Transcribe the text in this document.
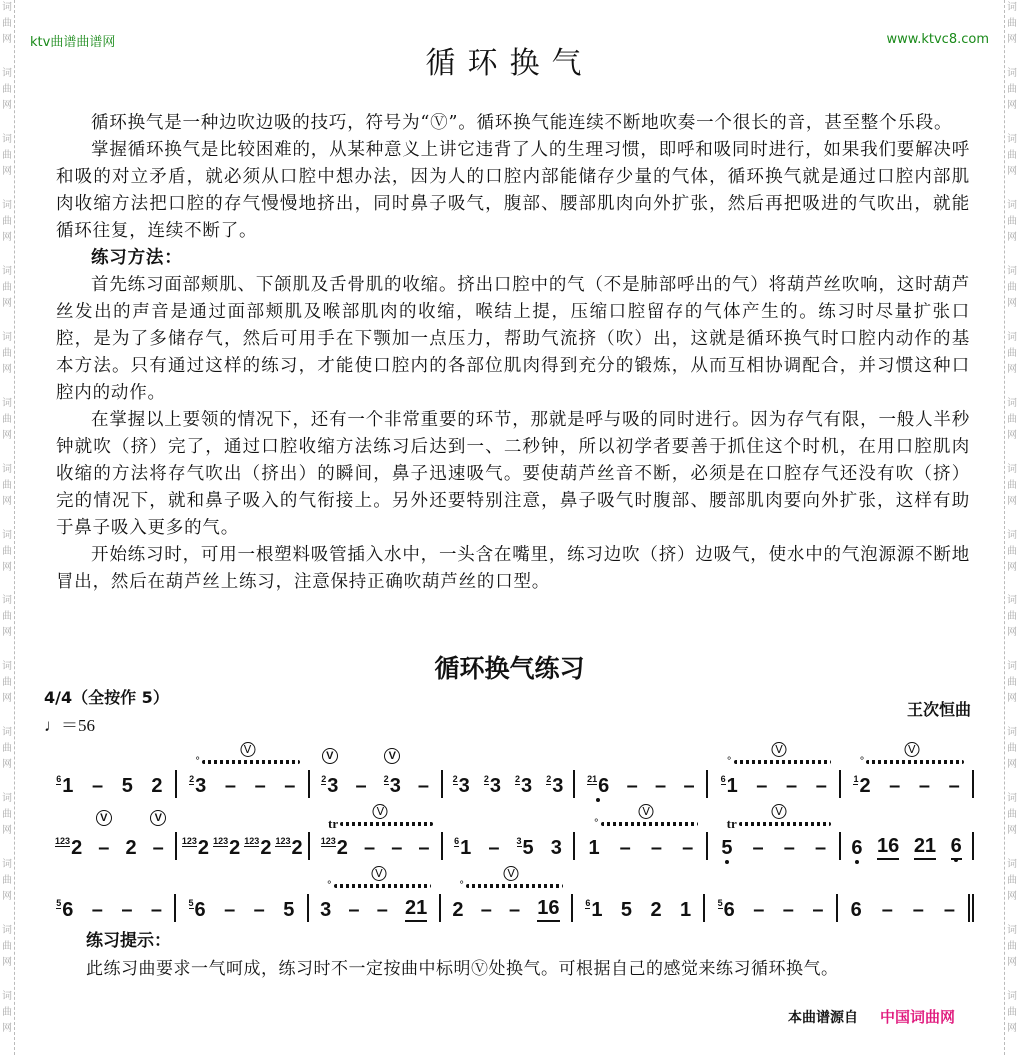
词
曲
网
词
曲
网
词
曲
网
词
曲
网
词
曲
网
词
曲
网
词
曲
网
词
曲
网
词
曲
网
词
曲
网
词
曲
网
词
曲
网
词
曲
网
词
曲
网
词
曲
网
词
曲
网
词
曲
网
词
曲
网
词
曲
网
词
曲
网
词
曲
网
词
曲
网
词
曲
网
词
曲
网
词
曲
网
词
曲
网
词
曲
网
词
曲
网
词
曲
网
词
曲
网
词
曲
网
词
曲
网
ktv曲谱曲谱网	www.ktvc8.com
循环换气

循环换气是一种边吹边吸的技巧，符号为“Ⓥ”。循环换气能连续不断地吹奏一个很长的音，甚至整个乐段。

掌握循环换气是比较困难的，从某种意义上讲它违背了人的生理习惯，即呼和吸同时进行，如果我们要解决呼和吸的对立矛盾，就必须从口腔中想办法，因为人的口腔内部能储存少量的气体，循环换气就是通过口腔内部肌肉收缩方法把口腔的存气慢慢地挤出，同时鼻子吸气，腹部、腰部肌肉向外扩张，然后再把吸进的气吹出，就能循环往复，连续不断了。

练习方法：

首先练习面部颊肌、下颌肌及舌骨肌的收缩。挤出口腔中的气（不是肺部呼出的气）将葫芦丝吹响，这时葫芦丝发出的声音是通过面部颊肌及喉部肌肉的收缩，喉结上提，压缩口腔留存的气体产生的。练习时尽量扩张口腔，是为了多储存气，然后可用手在下颚加一点压力，帮助气流挤（吹）出，这就是循环换气时口腔内动作的基本方法。只有通过这样的练习，才能使口腔内的各部位肌肉得到充分的锻炼，从而互相协调配合，并习惯这种口腔内的动作。

在掌握以上要领的情况下，还有一个非常重要的环节，那就是呼与吸的同时进行。因为存气有限，一般人半秒钟就吹（挤）完了，通过口腔收缩方法练习后达到一、二秒钟，所以初学者要善于抓住这个时机，在用口腔肌肉收缩的方法将存气吹出（挤出）的瞬间，鼻子迅速吸气。要使葫芦丝音不断，必须是在口腔存气还没有吹（挤）完的情况下，就和鼻子吸入的气衔接上。另外还要特别注意，鼻子吸气时腹部、腰部肌肉要向外扩张，这样有助于鼻子吸入更多的气。

开始练习时，可用一根塑料吸管插入水中，一头含在嘴里，练习边吹（挤）边吸气，使水中的气泡源源不断地冒出，然后在葫芦丝上练习，注意保持正确吹葫芦丝的口型。

循环换气练习
4/4（全按作 5）
♩＝56
王次恒曲
61 – 5 2
V
°
23 – – –	23
V
– 23
V
–	23 23 23 23	216 – – –
V
°
61 – – –
V
°
12 – – –
1232 –
V
2 –
V
1232 1232 1232 1232
V
tr
1232 – – –	61 – 35 3
V
°
1 – – –
V
tr
5 – – – 6 16 21 6
56 – – –	56 – – 5
V
°
3 – – 21
V
°
2 – – 16	61 5 2 1	56 – – – 6 – – –
练习提示：
此练习曲要求一气呵成，练习时不一定按曲中标明Ⓥ处换气。可根据自己的感觉来练习循环换气。
本曲谱源自 中国词曲网
